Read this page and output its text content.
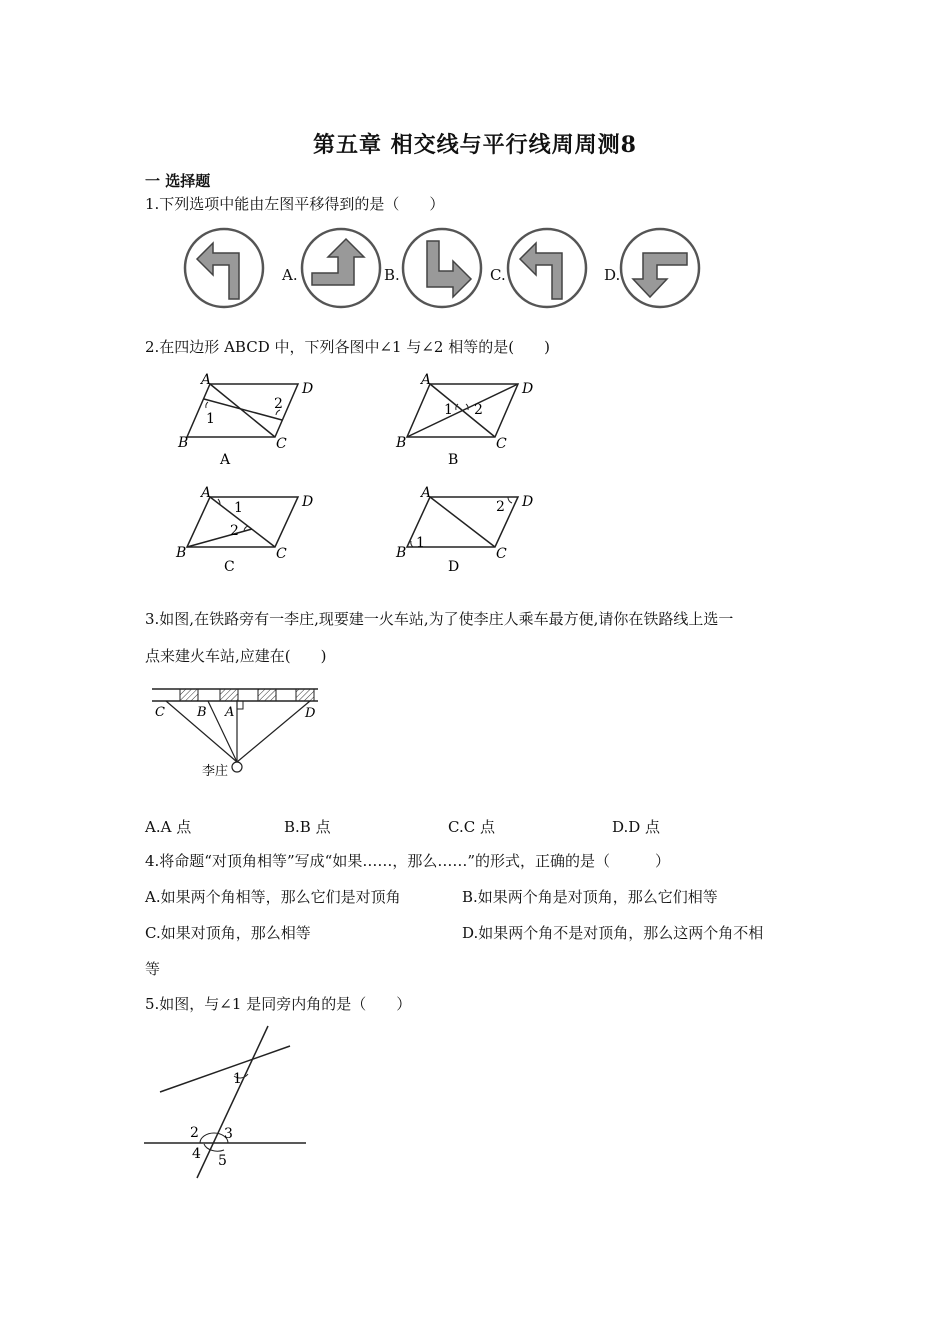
第五章 相交线与平行线周周测8
一 选择题
1.下列选项中能由左图平移得到的是（　　）
A.	B.	C.	D.
2.在四边形 ABCD 中，下列各图中∠1 与∠2 相等的是(　　)
A
B	C
D
1
2
A
A
B	C
D
1 2
B
A
B	C
D
1
2
C
A
B	C
D
1
2
D
3.如图,在铁路旁有一李庄,现要建一火车站,为了使李庄人乘车最方便,请你在铁路线上选一
点来建火车站,应建在(　　)
C B A	D
李庄
A.A 点	B.B 点	C.C 点	D.D 点
4.将命题“对顶角相等”写成“如果……，那么……”的形式，正确的是（　　　）
A.如果两个角相等，那么它们是对顶角	B.如果两个角是对顶角，那么它们相等
C.如果对顶角，那么相等	D.如果两个角不是对顶角，那么这两个角不相
等
5.如图，与∠1 是同旁内角的是（　　）
1
2 3
4 5
